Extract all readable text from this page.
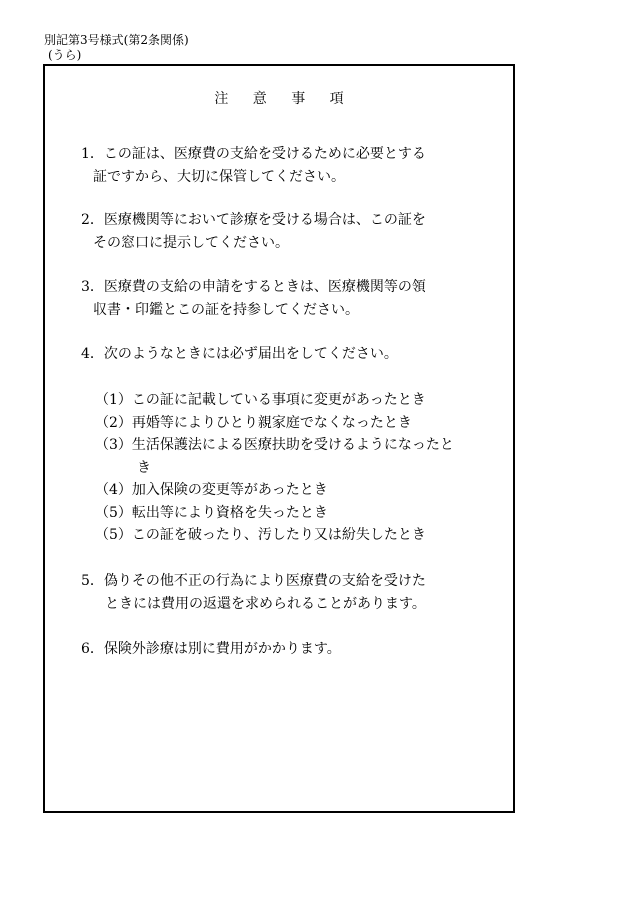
別記第3号様式(第2条関係)
(うら)
注 意 事 項
1．この証は、医療費の支給を受けるために必要とする
証ですから、大切に保管してください。
2．医療機関等において診療を受ける場合は、この証を
その窓口に提示してください。
3．医療費の支給の申請をするときは、医療機関等の領
収書・印鑑とこの証を持参してください。
4．次のようなときには必ず届出をしてください。
（1）この証に記載している事項に変更があったとき
（2）再婚等によりひとり親家庭でなくなったとき
（3）生活保護法による医療扶助を受けるようになったと
き
（4）加入保険の変更等があったとき
（5）転出等により資格を失ったとき
（5）この証を破ったり、汚したり又は紛失したとき
5．偽りその他不正の行為により医療費の支給を受けた
ときには費用の返還を求められることがあります。
6．保険外診療は別に費用がかかります。
